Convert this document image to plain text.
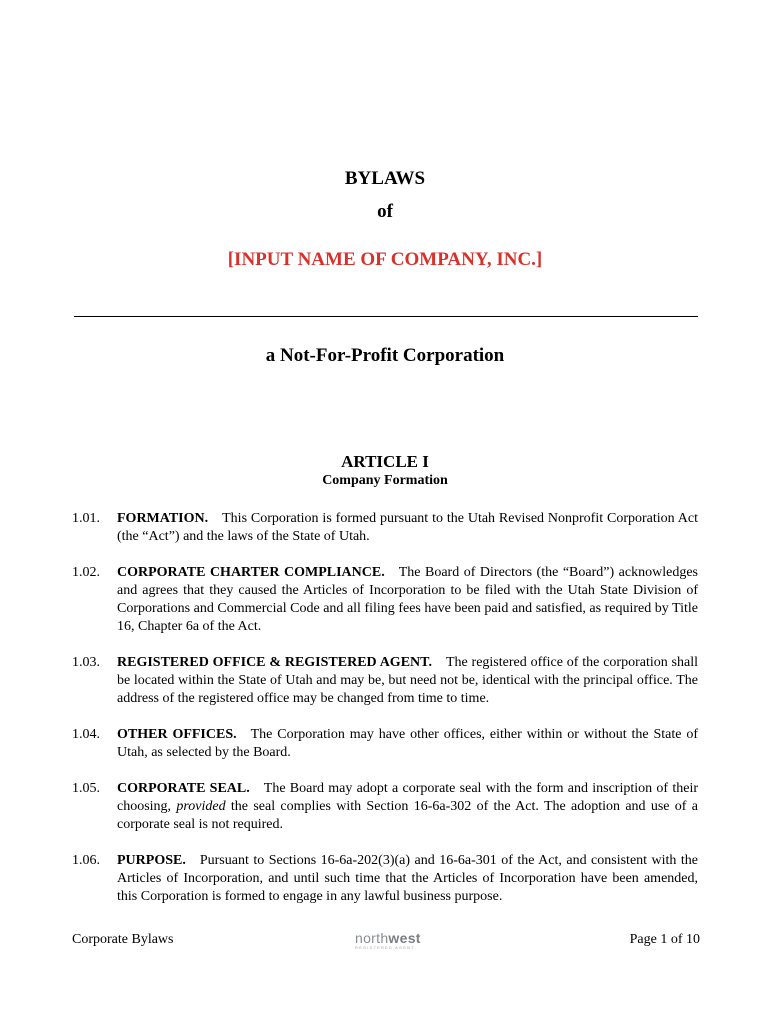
BYLAWS
of
[INPUT NAME OF COMPANY, INC.]
a Not-For-Profit Corporation
ARTICLE I
Company Formation
1.01.	FORMATION. This Corporation is formed pursuant to the Utah Revised Nonprofit Corporation Act (the “Act”) and the laws of the State of Utah.
1.02.	CORPORATE CHARTER COMPLIANCE. The Board of Directors (the “Board”) acknowledges and agrees that they caused the Articles of Incorporation to be filed with the Utah State Division of Corporations and Commercial Code and all filing fees have been paid and satisfied, as required by Title 16, Chapter 6a of the Act.
1.03.	REGISTERED OFFICE & REGISTERED AGENT. The registered office of the corporation shall be located within the State of Utah and may be, but need not be, identical with the principal office. The address of the registered office may be changed from time to time.
1.04.	OTHER OFFICES. The Corporation may have other offices, either within or without the State of Utah, as selected by the Board.
1.05.	CORPORATE SEAL. The Board may adopt a corporate seal with the form and inscription of their choosing, provided the seal complies with Section 16-6a-302 of the Act. The adoption and use of a corporate seal is not required.
1.06.	PURPOSE. Pursuant to Sections 16-6a-202(3)(a) and 16-6a-301 of the Act, and consistent with the Articles of Incorporation, and until such time that the Articles of Incorporation have been amended, this Corporation is formed to engage in any lawful business purpose.
Corporate Bylaws	northwest
REGISTERED AGENT
Page 1 of 10
